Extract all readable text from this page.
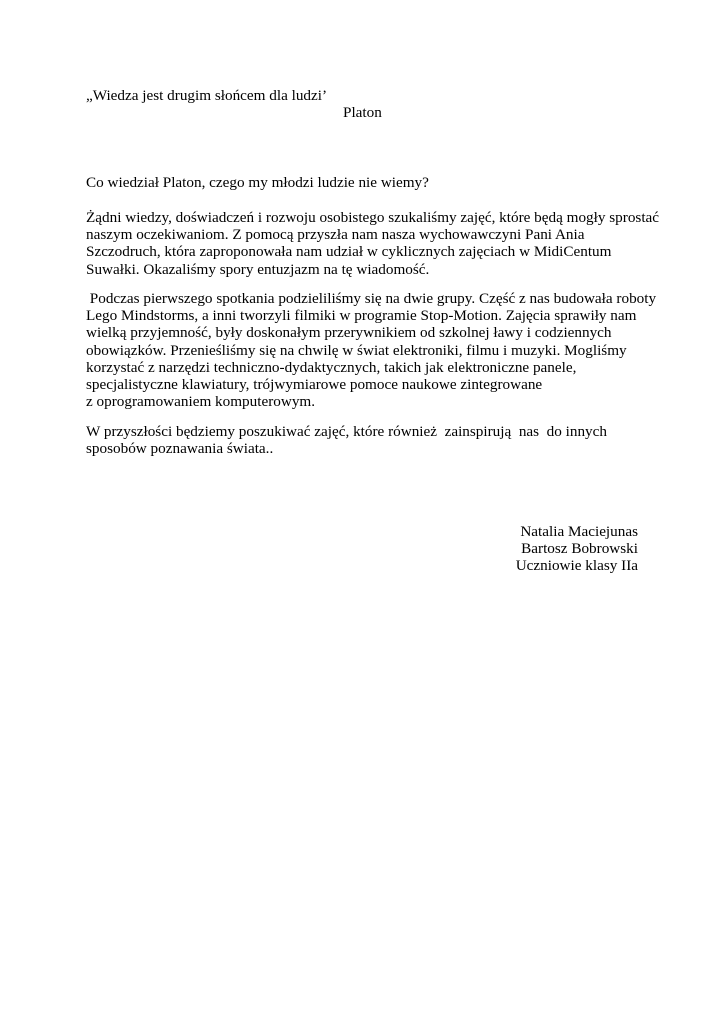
„Wiedza jest drugim słońcem dla ludzi’
Platon
Co wiedział Platon, czego my młodzi ludzie nie wiemy?
Żądni wiedzy, doświadczeń i rozwoju osobistego szukaliśmy zajęć, które będą mogły sprostać
naszym oczekiwaniom. Z pomocą przyszła nam nasza wychowawczyni Pani Ania
Szczodruch, która zaproponowała nam udział w cyklicznych zajęciach w MidiCentum
Suwałki. Okazaliśmy spory entuzjazm na tę wiadomość.
Podczas pierwszego spotkania podzieliliśmy się na dwie grupy. Część z nas budowała roboty
Lego Mindstorms, a inni tworzyli filmiki w programie Stop-Motion. Zajęcia sprawiły nam
wielką przyjemność, były doskonałym przerywnikiem od szkolnej ławy i codziennych
obowiązków. Przenieśliśmy się na chwilę w świat elektroniki, filmu i muzyki. Mogliśmy
korzystać z narzędzi techniczno-dydaktycznych, takich jak elektroniczne panele,
specjalistyczne klawiatury, trójwymiarowe pomoce naukowe zintegrowane
z oprogramowaniem komputerowym.
W przyszłości będziemy poszukiwać zajęć, które również  zainspirują  nas  do innych
sposobów poznawania świata..
Natalia Maciejunas
Bartosz Bobrowski
Uczniowie klasy IIa
